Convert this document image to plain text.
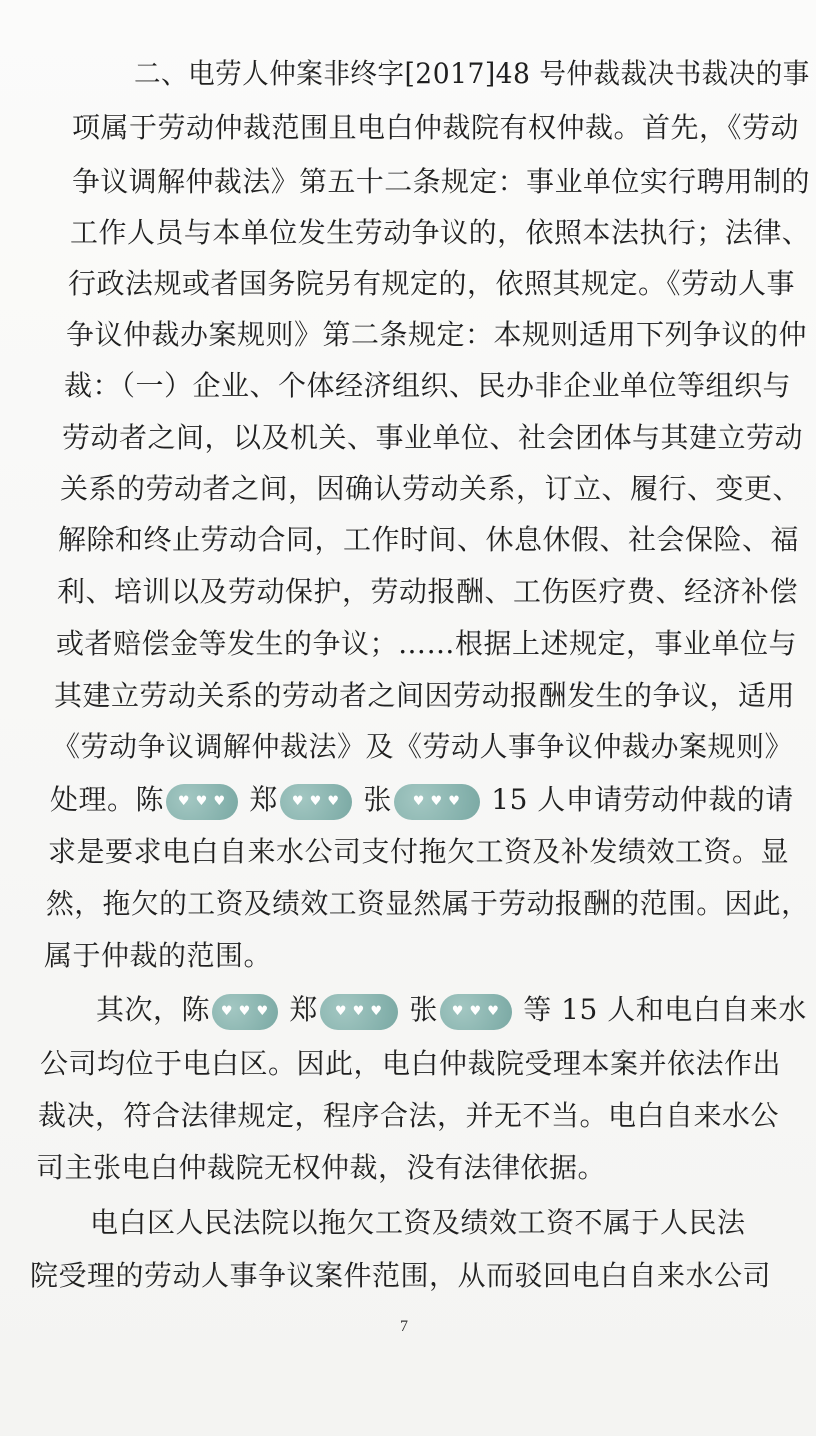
二、电劳人仲案非终字[2017]48 号仲裁裁决书裁决的事
项属于劳动仲裁范围且电白仲裁院有权仲裁。首先，《劳动
争议调解仲裁法》第五十二条规定：事业单位实行聘用制的
工作人员与本单位发生劳动争议的，依照本法执行；法律、
行政法规或者国务院另有规定的，依照其规定。《劳动人事
争议仲裁办案规则》第二条规定：本规则适用下列争议的仲
裁：（一）企业、个体经济组织、民办非企业单位等组织与
劳动者之间，以及机关、事业单位、社会团体与其建立劳动
关系的劳动者之间，因确认劳动关系，订立、履行、变更、
解除和终止劳动合同，工作时间、休息休假、社会保险、福
利、培训以及劳动保护，劳动报酬、工伤医疗费、经济补偿
或者赔偿金等发生的争议；……根据上述规定，事业单位与
其建立劳动关系的劳动者之间因劳动报酬发生的争议，适用
《劳动争议调解仲裁法》及《劳动人事争议仲裁办案规则》
处理。陈 ♥ ♥ ♥	郑 ♥ ♥ ♥	张 ♥ ♥ ♥	15 人申请劳动仲裁的请
求是要求电白自来水公司支付拖欠工资及补发绩效工资。显
然，拖欠的工资及绩效工资显然属于劳动报酬的范围。因此，
属于仲裁的范围。
其次，陈 ♥ ♥ ♥	郑 ♥ ♥ ♥	张 ♥ ♥ ♥	等 15 人和电白自来水
公司均位于电白区。因此，电白仲裁院受理本案并依法作出
裁决，符合法律规定，程序合法，并无不当。电白自来水公
司主张电白仲裁院无权仲裁，没有法律依据。
电白区人民法院以拖欠工资及绩效工资不属于人民法
院受理的劳动人事争议案件范围，从而驳回电白自来水公司
7
